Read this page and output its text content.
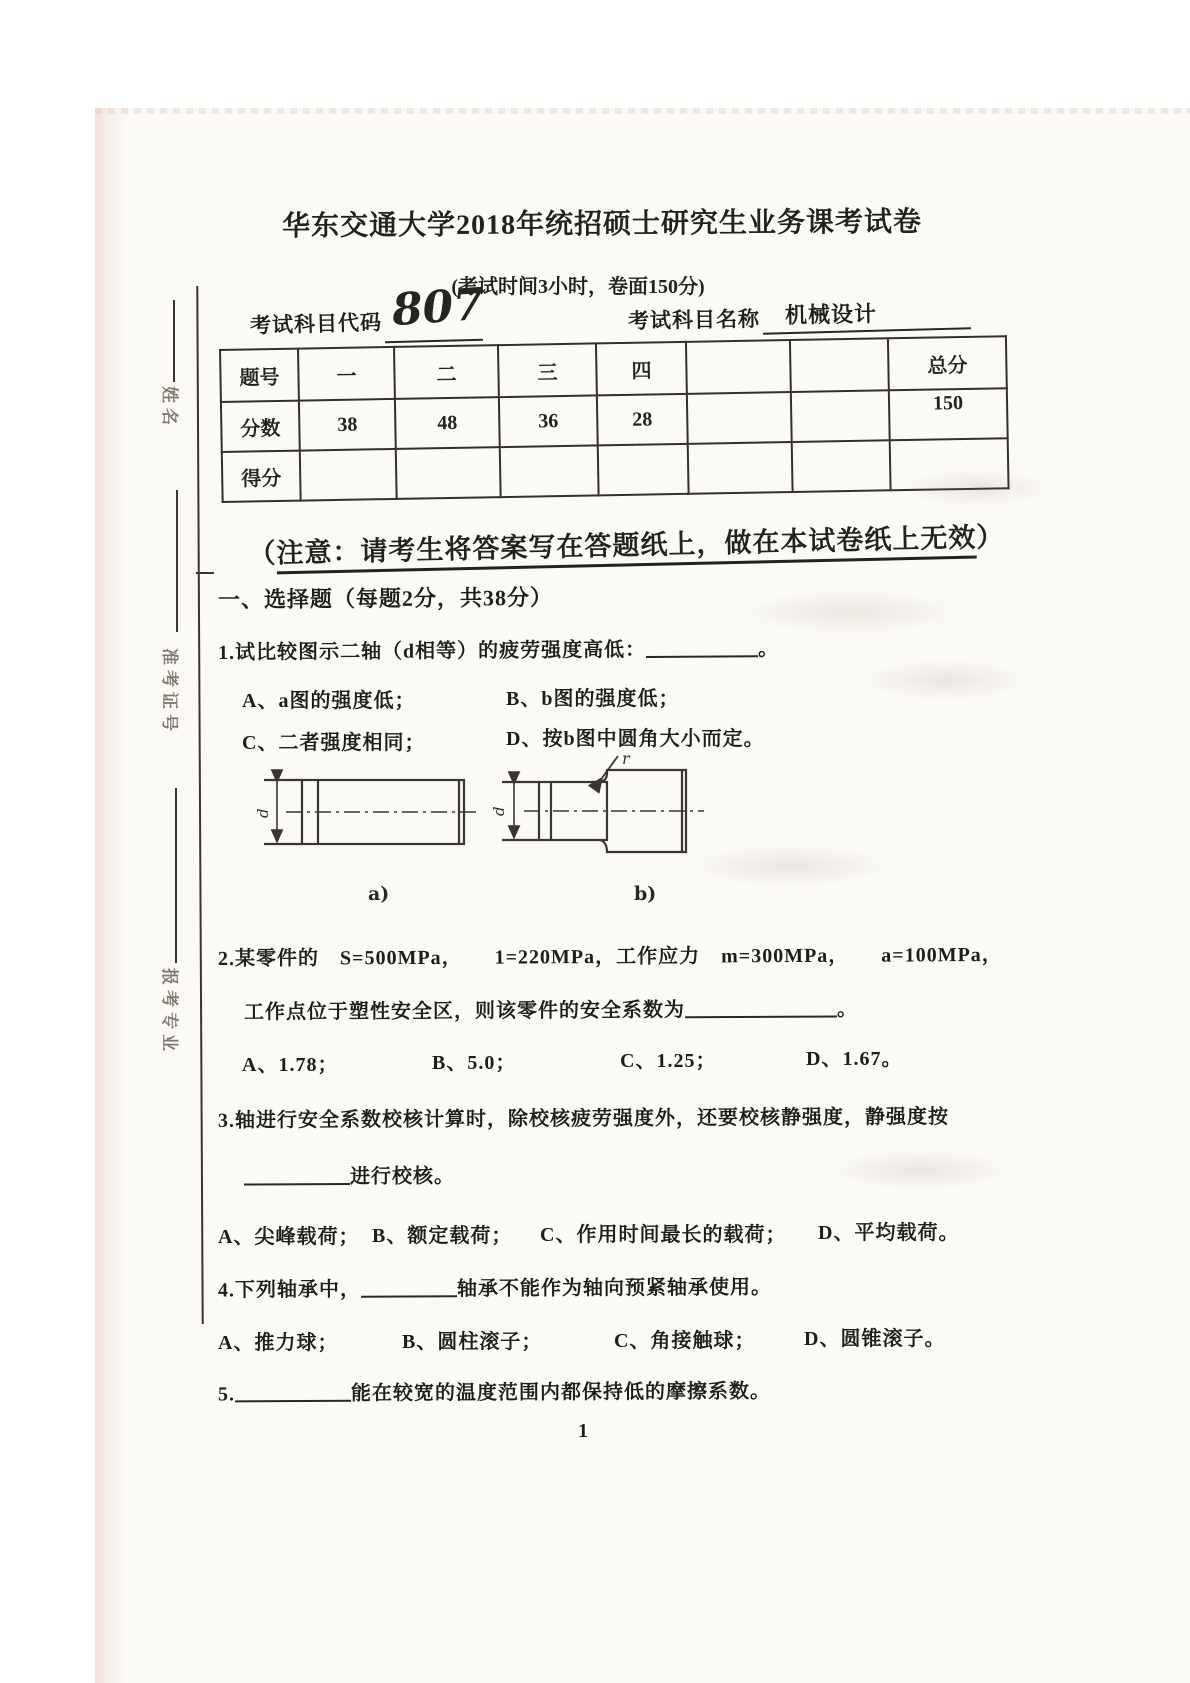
姓名
准考证号
报考专业
华东交通大学2018年统招硕士研究生业务课考试卷
(考试时间3小时，卷面150分)
考试科目代码 807	考试科目名称 机械设计
题号	一	二	三	四			总分
分数	38	48	36	28			150
得分							
（注意：请考生将答案写在答题纸上，做在本试卷纸上无效）
一、选择题（每题2分，共38分）
1.试比较图示二轴（d相等）的疲劳强度高低：	。
A、a图的强度低；	B、b图的强度低；
C、二者强度相同；	D、按b图中圆角大小而定。
d
a)
d
r
b)
2.某零件的　S=500MPa，　　1=220MPa，工作应力　m=300MPa，　　a=100MPa，
工作点位于塑性安全区，则该零件的安全系数为	。
A、1.78；	B、5.0；	C、1.25；	D、1.67。
3.轴进行安全系数校核计算时，除校核疲劳强度外，还要校核静强度，静强度按
进行校核。
A、尖峰载荷； B、额定载荷； C、作用时间最长的载荷； D、平均载荷。
4.下列轴承中，	轴承不能作为轴向预紧轴承使用。
A、推力球；	B、圆柱滚子；	C、角接触球； D、圆锥滚子。
5.	能在较宽的温度范围内都保持低的摩擦系数。
1
